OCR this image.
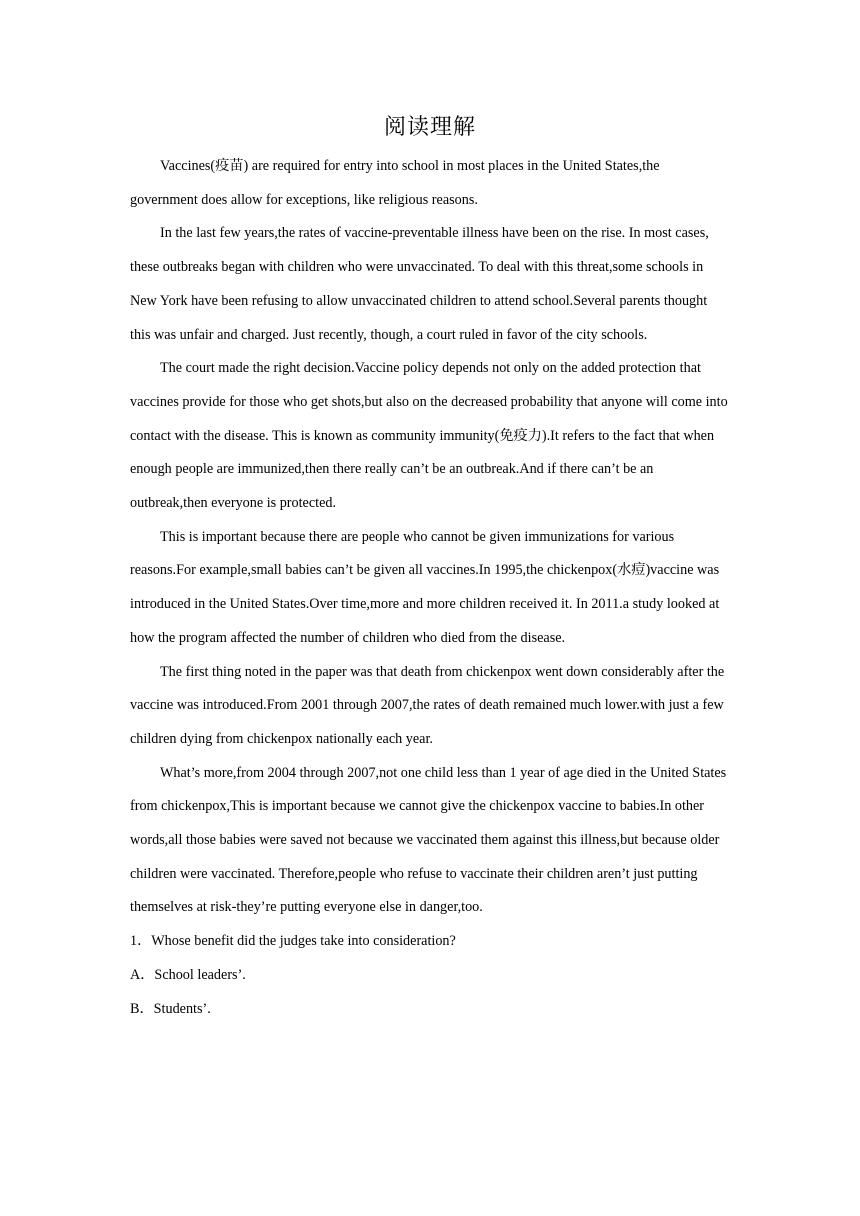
阅读理解

Vaccines(疫苗) are required for entry into school in most places in the United States,the government does allow for exceptions, like religious reasons.

In the last few years,the rates of vaccine-preventable illness have been on the rise. In most cases, these outbreaks began with children who were unvaccinated. To deal with this threat,some schools in New York have been refusing to allow unvaccinated children to attend school.Several parents thought this was unfair and charged. Just recently, though, a court ruled in favor of the city schools.

The court made the right decision.Vaccine policy depends not only on the added protection that vaccines provide for those who get shots,but also on the decreased probability that anyone will come into contact with the disease. This is known as community immunity(免疫力).It refers to the fact that when enough people are immunized,then there really can’t be an outbreak.And if there can’t be an outbreak,then everyone is protected.

This is important because there are people who cannot be given immunizations for various reasons.For example,small babies can’t be given all vaccines.In 1995,the chickenpox(水痘)vaccine was introduced in the United States.Over time,more and more children received it. In 2011.a study looked at how the program affected the number of children who died from the disease.

The first thing noted in the paper was that death from chickenpox went down considerably after the vaccine was introduced.From 2001 through 2007,the rates of death remained much lower.with just a few children dying from chickenpox nationally each year.

What’s more,from 2004 through 2007,not one child less than 1 year of age died in the United States from chickenpox,This is important because we cannot give the chickenpox vaccine to babies.In other words,all those babies were saved not because we vaccinated them against this illness,but because older children were vaccinated. Therefore,people who refuse to vaccinate their children aren’t just putting themselves at risk-they’re putting everyone else in danger,too.

1．Whose benefit did the judges take into consideration?

A．School leaders’.

B．Students’.
